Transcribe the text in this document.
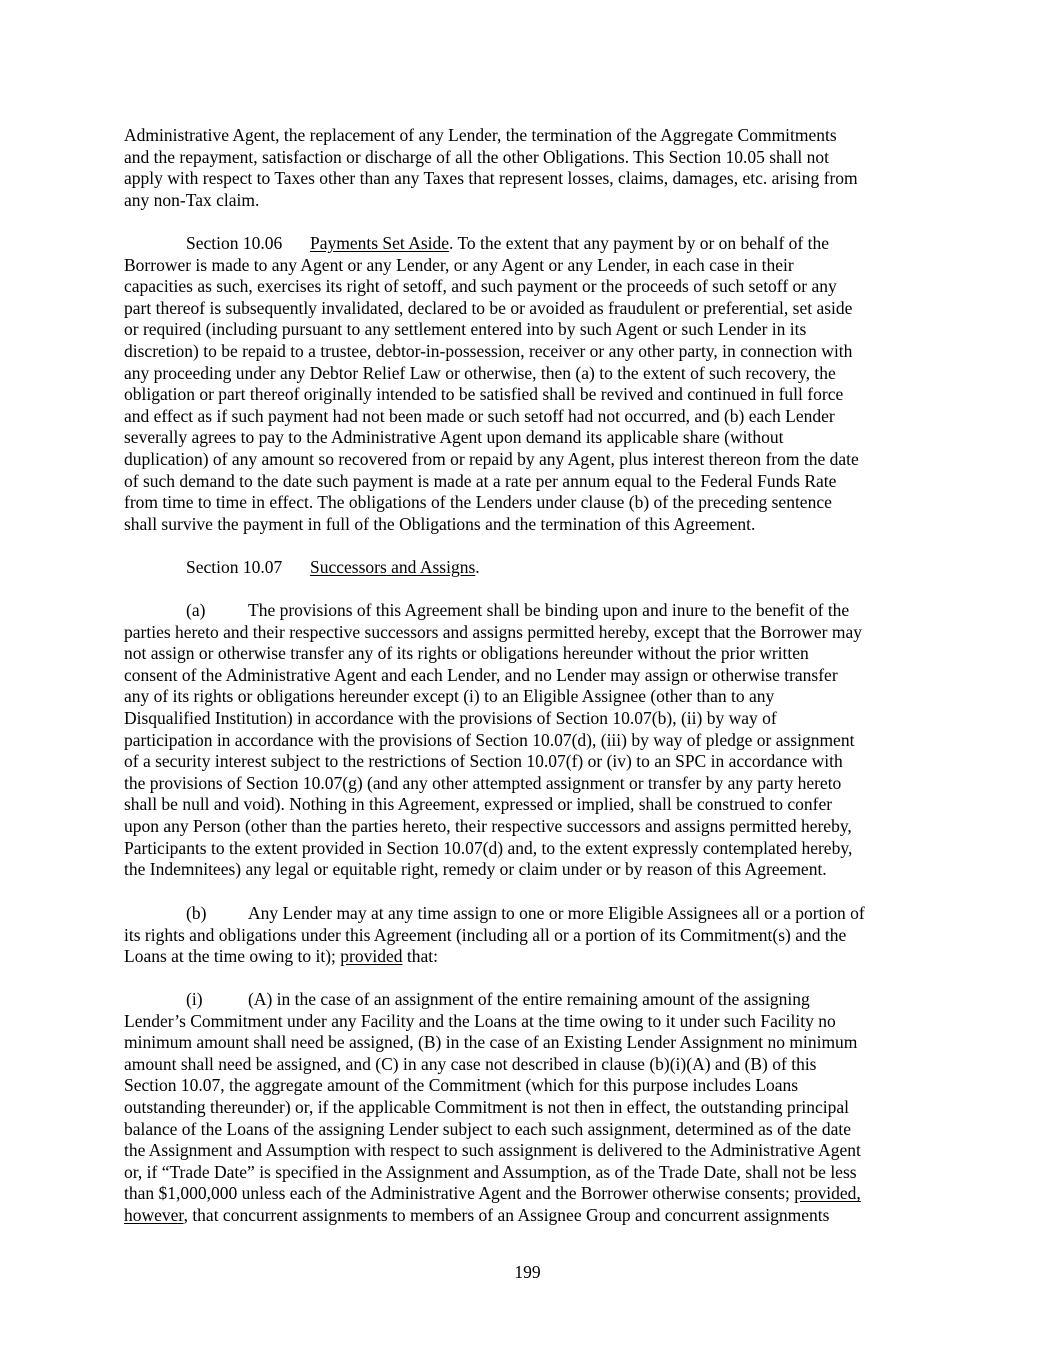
Administrative Agent, the replacement of any Lender, the termination of the Aggregate Commitments
and the repayment, satisfaction or discharge of all the other Obligations. This Section 10.05 shall not
apply with respect to Taxes other than any Taxes that represent losses, claims, damages, etc. arising from
any non-Tax claim.
Section 10.06 Payments Set Aside. To the extent that any payment by or on behalf of the
Borrower is made to any Agent or any Lender, or any Agent or any Lender, in each case in their
capacities as such, exercises its right of setoff, and such payment or the proceeds of such setoff or any
part thereof is subsequently invalidated, declared to be or avoided as fraudulent or preferential, set aside
or required (including pursuant to any settlement entered into by such Agent or such Lender in its
discretion) to be repaid to a trustee, debtor-in-possession, receiver or any other party, in connection with
any proceeding under any Debtor Relief Law or otherwise, then (a) to the extent of such recovery, the
obligation or part thereof originally intended to be satisfied shall be revived and continued in full force
and effect as if such payment had not been made or such setoff had not occurred, and (b) each Lender
severally agrees to pay to the Administrative Agent upon demand its applicable share (without
duplication) of any amount so recovered from or repaid by any Agent, plus interest thereon from the date
of such demand to the date such payment is made at a rate per annum equal to the Federal Funds Rate
from time to time in effect. The obligations of the Lenders under clause (b) of the preceding sentence
shall survive the payment in full of the Obligations and the termination of this Agreement.
Section 10.07 Successors and Assigns.
(a) The provisions of this Agreement shall be binding upon and inure to the benefit of the
parties hereto and their respective successors and assigns permitted hereby, except that the Borrower may
not assign or otherwise transfer any of its rights or obligations hereunder without the prior written
consent of the Administrative Agent and each Lender, and no Lender may assign or otherwise transfer
any of its rights or obligations hereunder except (i) to an Eligible Assignee (other than to any
Disqualified Institution) in accordance with the provisions of Section 10.07(b), (ii) by way of
participation in accordance with the provisions of Section 10.07(d), (iii) by way of pledge or assignment
of a security interest subject to the restrictions of Section 10.07(f) or (iv) to an SPC in accordance with
the provisions of Section 10.07(g) (and any other attempted assignment or transfer by any party hereto
shall be null and void). Nothing in this Agreement, expressed or implied, shall be construed to confer
upon any Person (other than the parties hereto, their respective successors and assigns permitted hereby,
Participants to the extent provided in Section 10.07(d) and, to the extent expressly contemplated hereby,
the Indemnitees) any legal or equitable right, remedy or claim under or by reason of this Agreement.
(b) Any Lender may at any time assign to one or more Eligible Assignees all or a portion of
its rights and obligations under this Agreement (including all or a portion of its Commitment(s) and the
Loans at the time owing to it); provided that:
(i)	(A) in the case of an assignment of the entire remaining amount of the assigning
Lender’s Commitment under any Facility and the Loans at the time owing to it under such Facility no
minimum amount shall need be assigned, (B) in the case of an Existing Lender Assignment no minimum
amount shall need be assigned, and (C) in any case not described in clause (b)(i)(A) and (B) of this
Section 10.07, the aggregate amount of the Commitment (which for this purpose includes Loans
outstanding thereunder) or, if the applicable Commitment is not then in effect, the outstanding principal
balance of the Loans of the assigning Lender subject to each such assignment, determined as of the date
the Assignment and Assumption with respect to such assignment is delivered to the Administrative Agent
or, if “Trade Date” is specified in the Assignment and Assumption, as of the Trade Date, shall not be less
than $1,000,000 unless each of the Administrative Agent and the Borrower otherwise consents; provided,
however, that concurrent assignments to members of an Assignee Group and concurrent assignments

199
